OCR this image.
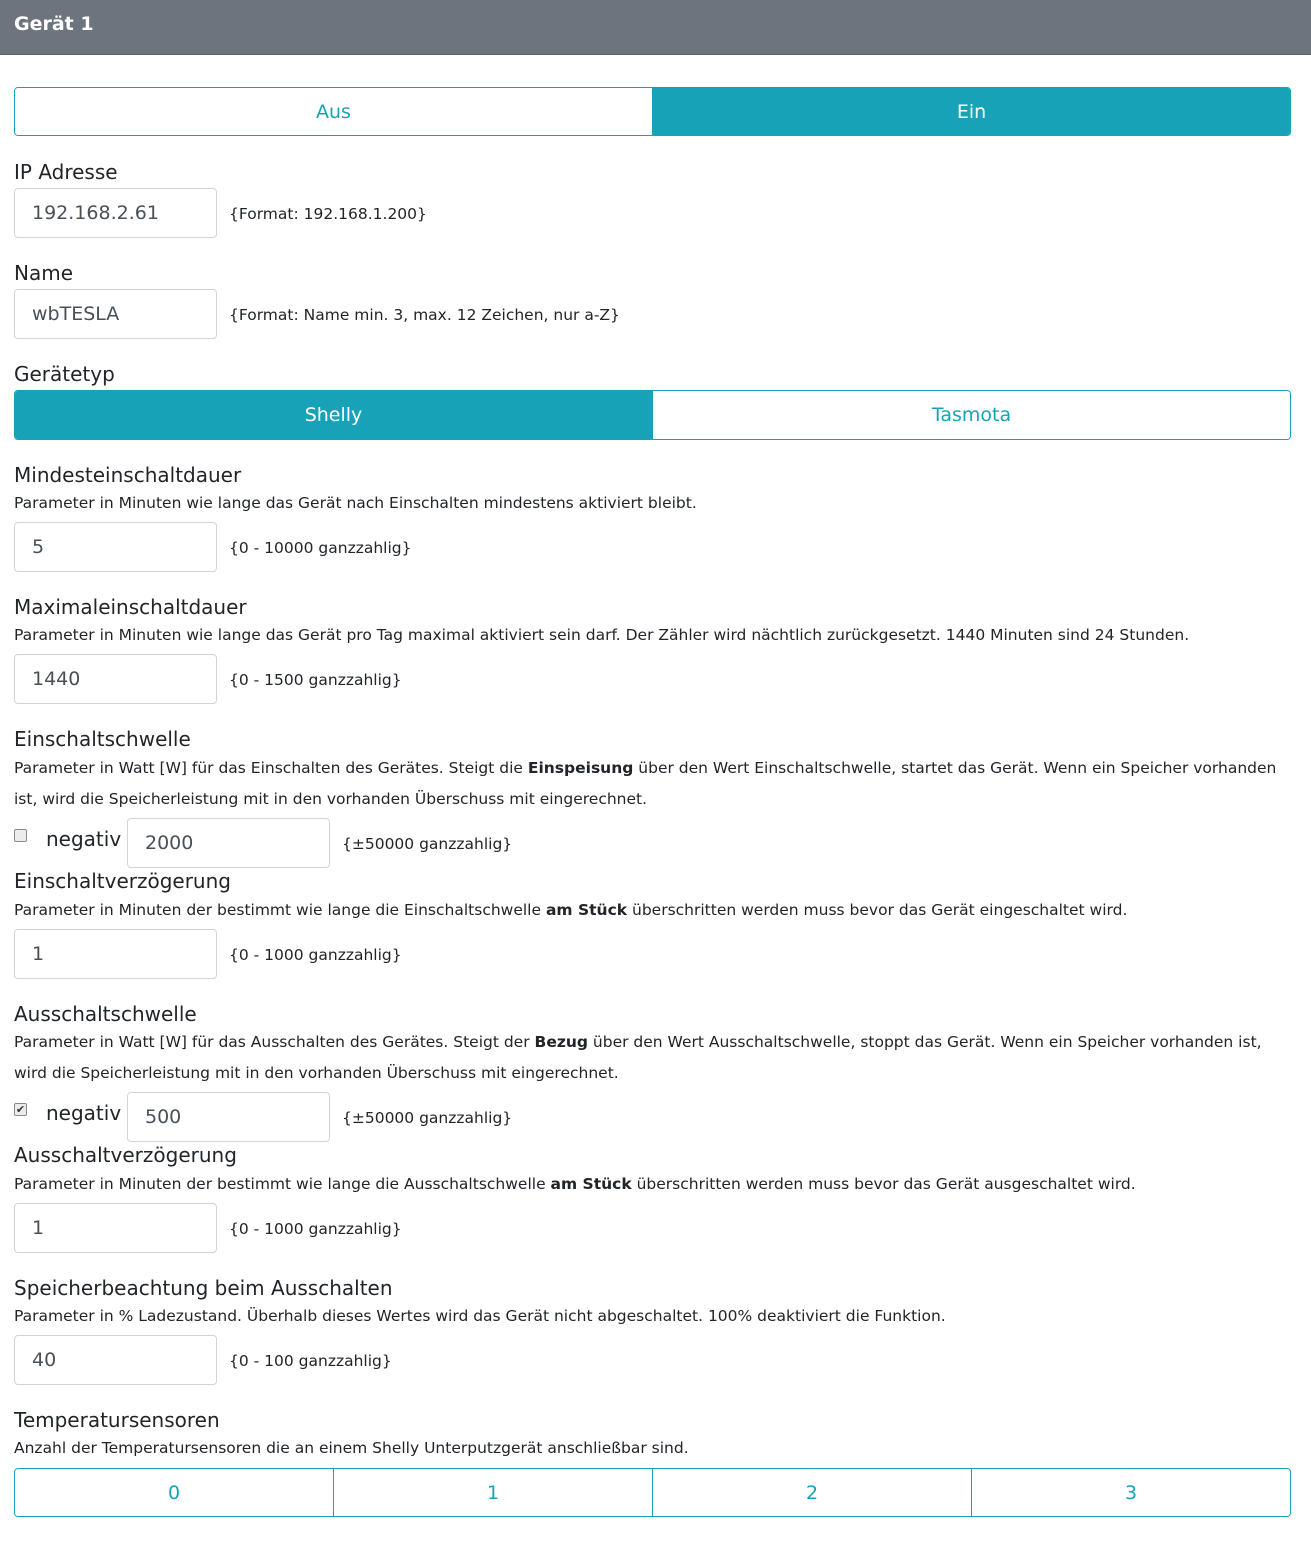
Gerät 1
Aus	Ein
IP Adresse
192.168.2.61	{Format: 192.168.1.200}
Name
wbTESLA	{Format: Name min. 3, max. 12 Zeichen, nur a-Z}
Gerätetyp
Shelly	Tasmota
Mindesteinschaltdauer
Parameter in Minuten wie lange das Gerät nach Einschalten mindestens aktiviert bleibt.
5	{0 - 10000 ganzzahlig}
Maximaleinschaltdauer
Parameter in Minuten wie lange das Gerät pro Tag maximal aktiviert sein darf. Der Zähler wird nächtlich zurückgesetzt. 1440 Minuten sind 24 Stunden.
1440	{0 - 1500 ganzzahlig}
Einschaltschwelle
Parameter in Watt [W] für das Einschalten des Gerätes. Steigt die Einspeisung über den Wert Einschaltschwelle, startet das Gerät. Wenn ein Speicher vorhanden ist, wird die Speicherleistung mit in den vorhanden Überschuss mit eingerechnet.
negativ	2000	{±50000 ganzzahlig}
Einschaltverzögerung
Parameter in Minuten der bestimmt wie lange die Einschaltschwelle am Stück überschritten werden muss bevor das Gerät eingeschaltet wird.
1	{0 - 1000 ganzzahlig}
Ausschaltschwelle
Parameter in Watt [W] für das Ausschalten des Gerätes. Steigt der Bezug über den Wert Ausschaltschwelle, stoppt das Gerät. Wenn ein Speicher vorhanden ist, wird die Speicherleistung mit in den vorhanden Überschuss mit eingerechnet.
✔ negativ	500	{±50000 ganzzahlig}
Ausschaltverzögerung
Parameter in Minuten der bestimmt wie lange die Ausschaltschwelle am Stück überschritten werden muss bevor das Gerät ausgeschaltet wird.
1	{0 - 1000 ganzzahlig}
Speicherbeachtung beim Ausschalten
Parameter in % Ladezustand. Überhalb dieses Wertes wird das Gerät nicht abgeschaltet. 100% deaktiviert die Funktion.
40	{0 - 100 ganzzahlig}
Temperatursensoren
Anzahl der Temperatursensoren die an einem Shelly Unterputzgerät anschließbar sind.
0	1	2	3
